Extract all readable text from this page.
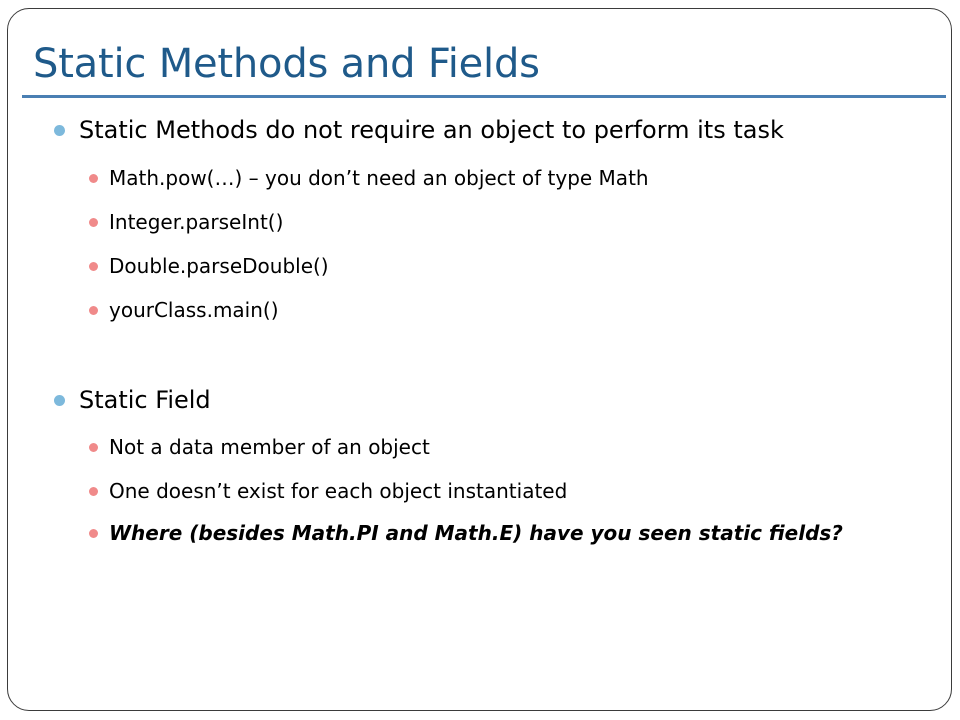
Static Methods and Fields
Static Methods do not require an object to perform its task
Math.pow(…) – you don’t need an object of type Math
Integer.parseInt()
Double.parseDouble()
yourClass.main()
Static Field
Not a data member of an object
One doesn’t exist for each object instantiated
Where (besides Math.PI and Math.E) have you seen static fields?
